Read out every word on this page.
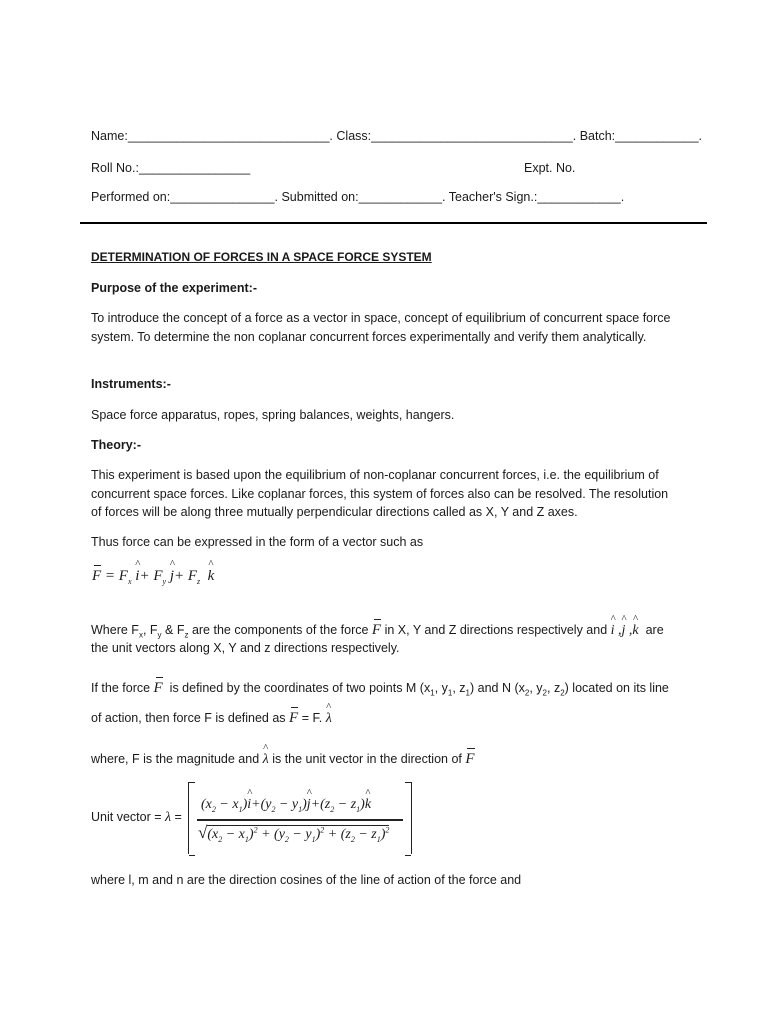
Name:_____________________________. Class:_____________________________. Batch:____________.
Roll No.:________________	Expt. No.
Performed on:_______________. Submitted on:____________. Teacher's Sign.:____________.
DETERMINATION OF FORCES IN A SPACE FORCE SYSTEM
Purpose of the experiment:-
To introduce the concept of a force as a vector in space, concept of equilibrium of concurrent space force system. To determine the non coplanar concurrent forces experimentally and verify them analytically.
Instruments:-
Space force apparatus, ropes, spring balances, weights, hangers.
Theory:-
This experiment is based upon the equilibrium of non-coplanar concurrent forces, i.e. the equilibrium of concurrent space forces. Like coplanar forces, this system of forces also can be resolved. The resolution of forces will be along three mutually perpendicular directions called as X, Y and Z axes.
Thus force can be expressed in the form of a vector such as
$F = F_x$
^
$i+ F_y$
^
$j+ F_z$
^
k
Where $F_x$, $F_y$ & $F_z$ are the components of the force F in X, Y and Z directions respectively and
^
i ,
^
j ,
^
k are
the unit vectors along X, Y and z directions respectively.
If the force F is defined by the coordinates of two points M ($x_1$, $y_1$, $z_1$) and N ($x_2$, $y_2$, $z_2$) located on its line
of action, then force F is defined as F = F.
^
λ
where, F is the magnitude and
^
λ is the unit vector in the direction of F
Unit vector = λ =
$(x_2 - x_1)$
^
$i+(y_2 - y_1)$
^
$j+(z_2 - z_1)$
^
k
$√(x_2 - x_1)^2 + (y_2 - y_1)^2 + (z_2 - z_1)^2$
where l, m and n are the direction cosines of the line of action of the force and
